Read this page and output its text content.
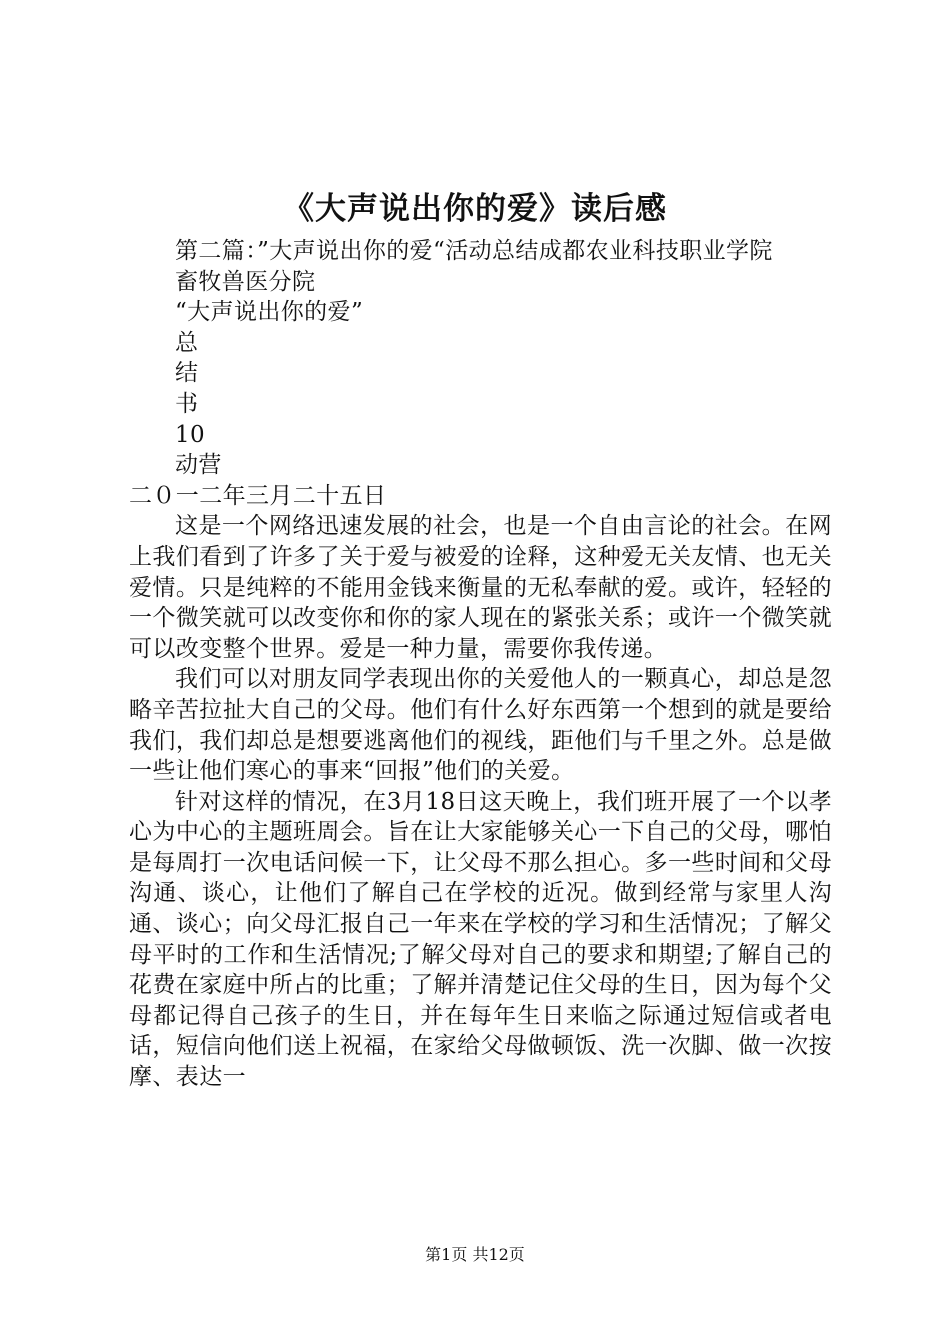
《大声说出你的爱》读后感

第二篇：”大声说出你的爱“活动总结成都农业科技职业学院

畜牧兽医分院

“大声说出你的爱”

总

结

书

10

动营

二０一二年三月二十五日

这是一个网络迅速发展的社会，也是一个自由言论的社会。在网上我们看到了许多了关于爱与被爱的诠释，这种爱无关友情、也无关爱情。只是纯粹的不能用金钱来衡量的无私奉献的爱。或许，轻轻的一个微笑就可以改变你和你的家人现在的紧张关系；或许一个微笑就可以改变整个世界。爱是一种力量，需要你我传递。

我们可以对朋友同学表现出你的关爱他人的一颗真心，却总是忽略辛苦拉扯大自己的父母。他们有什么好东西第一个想到的就是要给我们，我们却总是想要逃离他们的视线，距他们与千里之外。总是做一些让他们寒心的事来“回报”他们的关爱。

针对这样的情况，在3月18日这天晚上，我们班开展了一个以孝心为中心的主题班周会。旨在让大家能够关心一下自己的父母，哪怕是每周打一次电话问候一下，让父母不那么担心。多一些时间和父母沟通、谈心，让他们了解自己在学校的近况。做到经常与家里人沟通、谈心；向父母汇报自己一年来在学校的学习和生活情况；了解父母平时的工作和生活情况;了解父母对自己的要求和期望;了解自己的花费在家庭中所占的比重；了解并清楚记住父母的生日，因为每个父母都记得自己孩子的生日，并在每年生日来临之际通过短信或者电话，短信向他们送上祝福，在家给父母做顿饭、洗一次脚、做一次按摩、表达一

第1页 共12页
